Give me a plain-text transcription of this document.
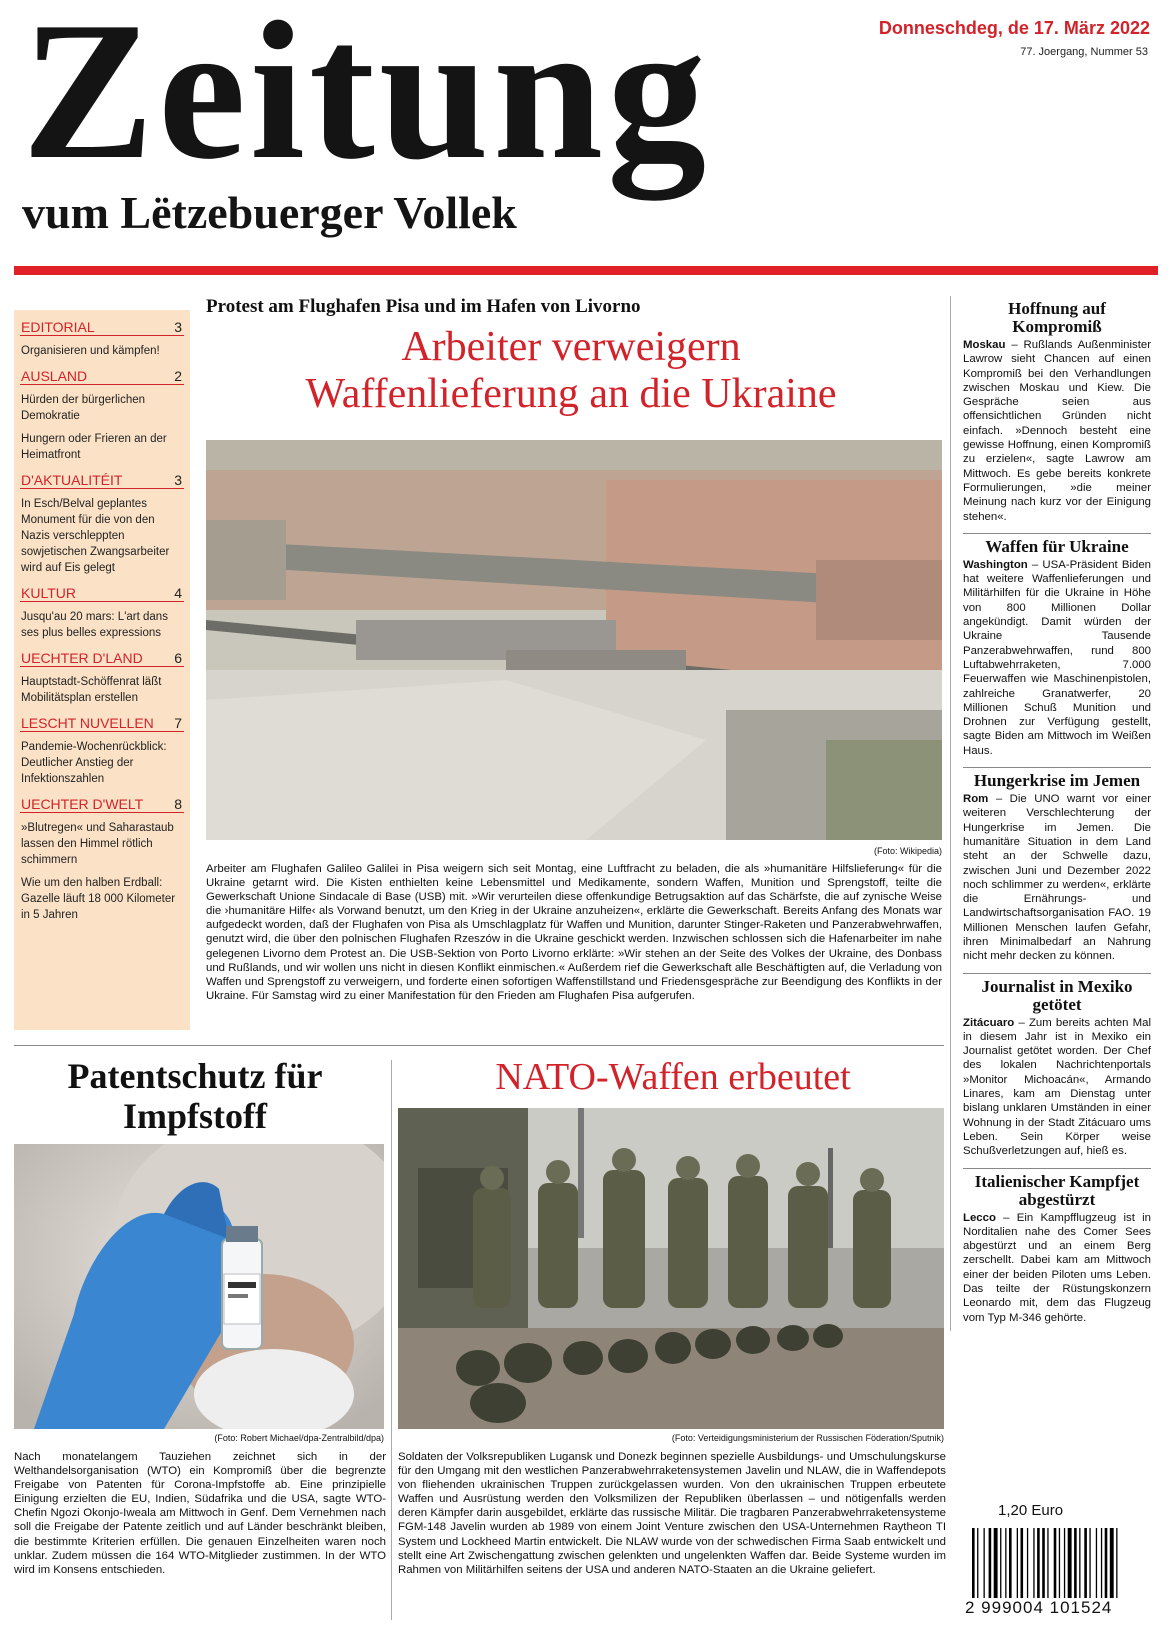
Zeitung
vum Lëtzebuerger Vollek
Donneschdeg, de 17. März 2022
77. Joergang, Nummer 53
EDITORIAL	3
Organisieren und kämpfen!
AUSLAND	2
Hürden der bürgerlichen Demokratie
Hungern oder Frieren an der Heimatfront
D'AKTUALITÉIT	3
In Esch/Belval geplantes Monument für die von den Nazis verschleppten sowjetischen Zwangsarbeiter wird auf Eis gelegt
KULTUR	4
Jusqu'au 20 mars: L'art dans ses plus belles expressions
UECHTER D'LAND 6
Hauptstadt-Schöffenrat läßt Mobilitätsplan erstellen
LESCHT NUVELLEN 7
Pandemie-Wochenrückblick: Deutlicher Anstieg der Infektionszahlen
UECHTER D'WELT 8
»Blutregen« und Saharastaub lassen den Himmel rötlich schimmern
Wie um den halben Erdball: Gazelle läuft 18 000 Kilometer in 5 Jahren
Protest am Flughafen Pisa und im Hafen von Livorno
Arbeiter verweigern
Waffenlieferung an die Ukraine
(Foto: Wikipedia)
Arbeiter am Flughafen Galileo Galilei in Pisa weigern sich seit Montag, eine Luftfracht zu beladen, die als »humanitäre Hilfslieferung« für die Ukraine getarnt wird. Die Kisten enthielten keine Lebensmittel und Medikamente, sondern Waffen, Munition und Sprengstoff, teilte die Gewerkschaft Unione Sindacale di Base (USB) mit. »Wir verurteilen diese offenkundige Betrugsaktion auf das Schärfste, die auf zynische Weise die ›humanitäre Hilfe‹ als Vorwand benutzt, um den Krieg in der Ukraine anzuheizen«, erklärte die Gewerkschaft. Bereits Anfang des Monats war aufgedeckt worden, daß der Flughafen von Pisa als Umschlagplatz für Waffen und Munition, darunter Stinger-Raketen und Panzerabwehrwaffen, genutzt wird, die über den polnischen Flughafen Rzeszów in die Ukraine geschickt werden. Inzwischen schlossen sich die Hafenarbeiter im nahe gelegenen Livorno dem Protest an. Die USB-Sektion von Porto Livorno erklärte: »Wir stehen an der Seite des Volkes der Ukraine, des Donbass und Rußlands, und wir wollen uns nicht in diesen Konflikt einmischen.« Außerdem rief die Gewerkschaft alle Beschäftigten auf, die Verladung von Waffen und Sprengstoff zu verweigern, und forderte einen sofortigen Waffenstillstand und Friedensgespräche zur Beendigung des Konflikts in der Ukraine. Für Samstag wird zu einer Manifestation für den Frieden am Flughafen Pisa aufgerufen.
Hoffnung auf Kompromiß
Moskau – Rußlands Außenminister Lawrow sieht Chancen auf einen Kompromiß bei den Verhandlungen zwischen Moskau und Kiew. Die Gespräche seien aus offensichtlichen Gründen nicht einfach. »Dennoch besteht eine gewisse Hoffnung, einen Kompromiß zu erzielen«, sagte Lawrow am Mittwoch. Es gebe bereits konkrete Formulierungen, »die meiner Meinung nach kurz vor der Einigung stehen«.
Waffen für Ukraine
Washington – USA-Präsident Biden hat weitere Waffenlieferungen und Militärhilfen für die Ukraine in Höhe von 800 Millionen Dollar angekündigt. Damit würden der Ukraine Tausende Panzerabwehrwaffen, rund 800 Luftabwehrraketen, 7.000 Feuerwaffen wie Maschinenpistolen, zahlreiche Granatwerfer, 20 Millionen Schuß Munition und Drohnen zur Verfügung gestellt, sagte Biden am Mittwoch im Weißen Haus.
Hungerkrise im Jemen
Rom – Die UNO warnt vor einer weiteren Verschlechterung der Hungerkrise im Jemen. Die humanitäre Situation in dem Land steht an der Schwelle dazu, zwischen Juni und Dezember 2022 noch schlimmer zu werden«, erklärte die Ernährungs- und Landwirtschaftsorganisation FAO. 19 Millionen Menschen laufen Gefahr, ihren Minimalbedarf an Nahrung nicht mehr decken zu können.
Journalist in Mexiko getötet
Zitácuaro – Zum bereits achten Mal in diesem Jahr ist in Mexiko ein Journalist getötet worden. Der Chef des lokalen Nachrichtenportals »Monitor Michoacán«, Armando Linares, kam am Dienstag unter bislang unklaren Umständen in einer Wohnung in der Stadt Zitácuaro ums Leben. Sein Körper weise Schußverletzungen auf, hieß es.
Italienischer Kampfjet abgestürzt
Lecco – Ein Kampfflugzeug ist in Norditalien nahe des Comer Sees abgestürzt und an einem Berg zerschellt. Dabei kam am Mittwoch einer der beiden Piloten ums Leben. Das teilte der Rüstungskonzern Leonardo mit, dem das Flugzeug vom Typ M-346 gehörte.
Patentschutz für
Impfstoff
(Foto: Robert Michael/dpa-Zentralbild/dpa)
Nach monatelangem Tauziehen zeichnet sich in der Welthandelsorganisation (WTO) ein Kompromiß über die begrenzte Freigabe von Patenten für Corona-Impfstoffe ab. Eine prinzipielle Einigung erzielten die EU, Indien, Südafrika und die USA, sagte WTO-Chefin Ngozi Okonjo-Iweala am Mittwoch in Genf. Dem Vernehmen nach soll die Freigabe der Patente zeitlich und auf Länder beschränkt bleiben, die bestimmte Kriterien erfüllen. Die genauen Einzelheiten waren noch unklar. Zudem müssen die 164 WTO-Mitglieder zustimmen. In der WTO wird im Konsens entschieden.
NATO-Waffen erbeutet
(Foto: Verteidigungsministerium der Russischen Föderation/Sputnik)
Soldaten der Volksrepubliken Lugansk und Donezk beginnen spezielle Ausbildungs- und Umschulungskurse für den Umgang mit den westlichen Panzerabwehrraketensystemen Javelin und NLAW, die in Waffendepots von fliehenden ukrainischen Truppen zurückgelassen wurden. Von den ukrainischen Truppen erbeutete Waffen und Ausrüstung werden den Volksmilizen der Republiken überlassen – und nötigenfalls werden deren Kämpfer darin ausgebildet, erklärte das russische Militär. Die tragbaren Panzerabwehrraketensysteme FGM-148 Javelin wurden ab 1989 von einem Joint Venture zwischen den USA-Unternehmen Raytheon TI System und Lockheed Martin entwickelt. Die NLAW wurde von der schwedischen Firma Saab entwickelt und stellt eine Art Zwischengattung zwischen gelenkten und ungelenkten Waffen dar. Beide Systeme wurden im Rahmen von Militärhilfen seitens der USA und anderen NATO-Staaten an die Ukraine geliefert.
1,20 Euro
2 999004 101524
